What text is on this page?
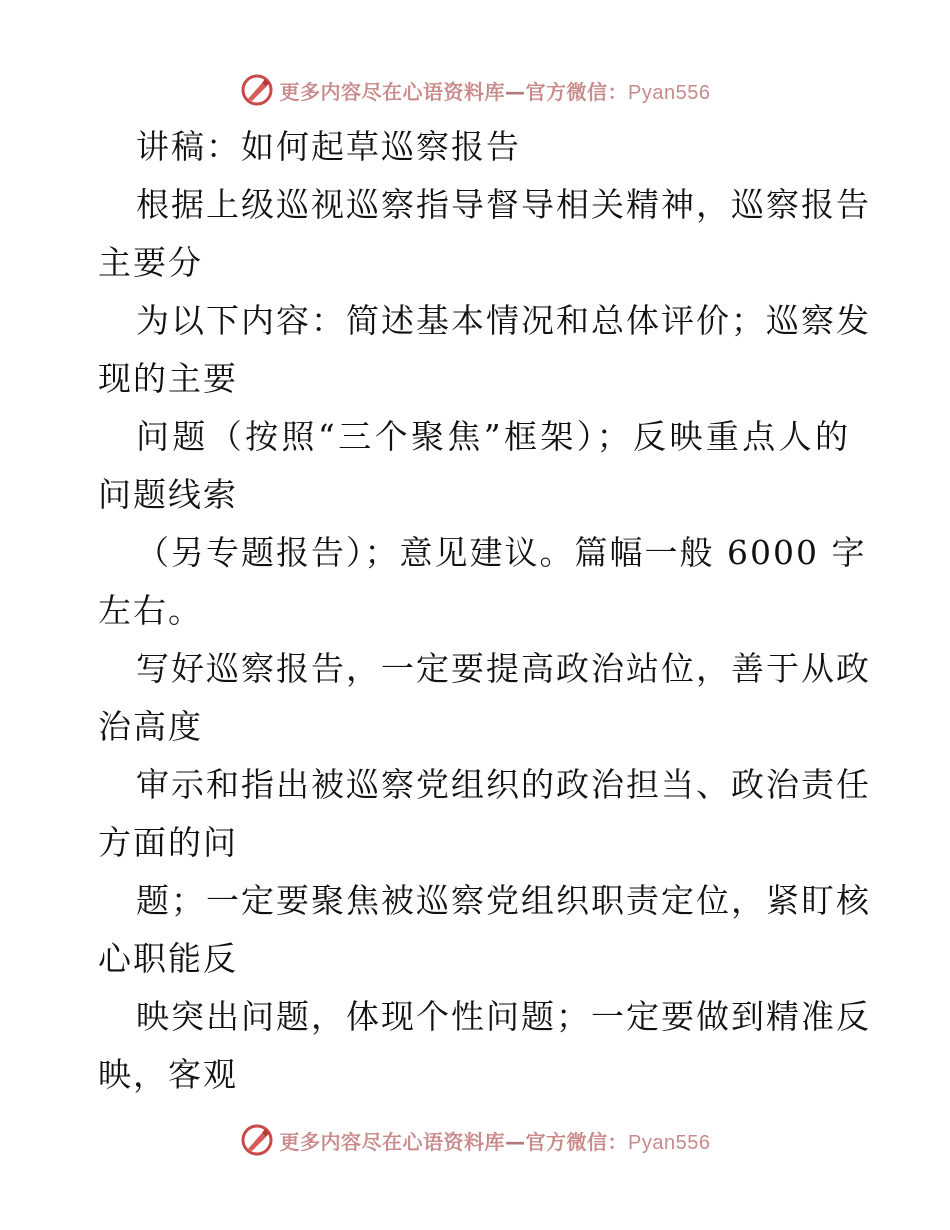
更多内容尽在心语资料库—官方微信：Pyan556
讲稿：如何起草巡察报告
根据上级巡视巡察指导督导相关精神，巡察报告
主要分
为以下内容：简述基本情况和总体评价；巡察发
现的主要
问题（按照“三个聚焦”框架）；反映重点人的
问题线索
（另专题报告）；意见建议。篇幅一般 6000 字
左右。
写好巡察报告，一定要提高政治站位，善于从政
治高度
审示和指出被巡察党组织的政治担当、政治责任
方面的问
题；一定要聚焦被巡察党组织职责定位，紧盯核
心职能反
映突出问题，体现个性问题；一定要做到精准反
映，客观
更多内容尽在心语资料库—官方微信：Pyan556
